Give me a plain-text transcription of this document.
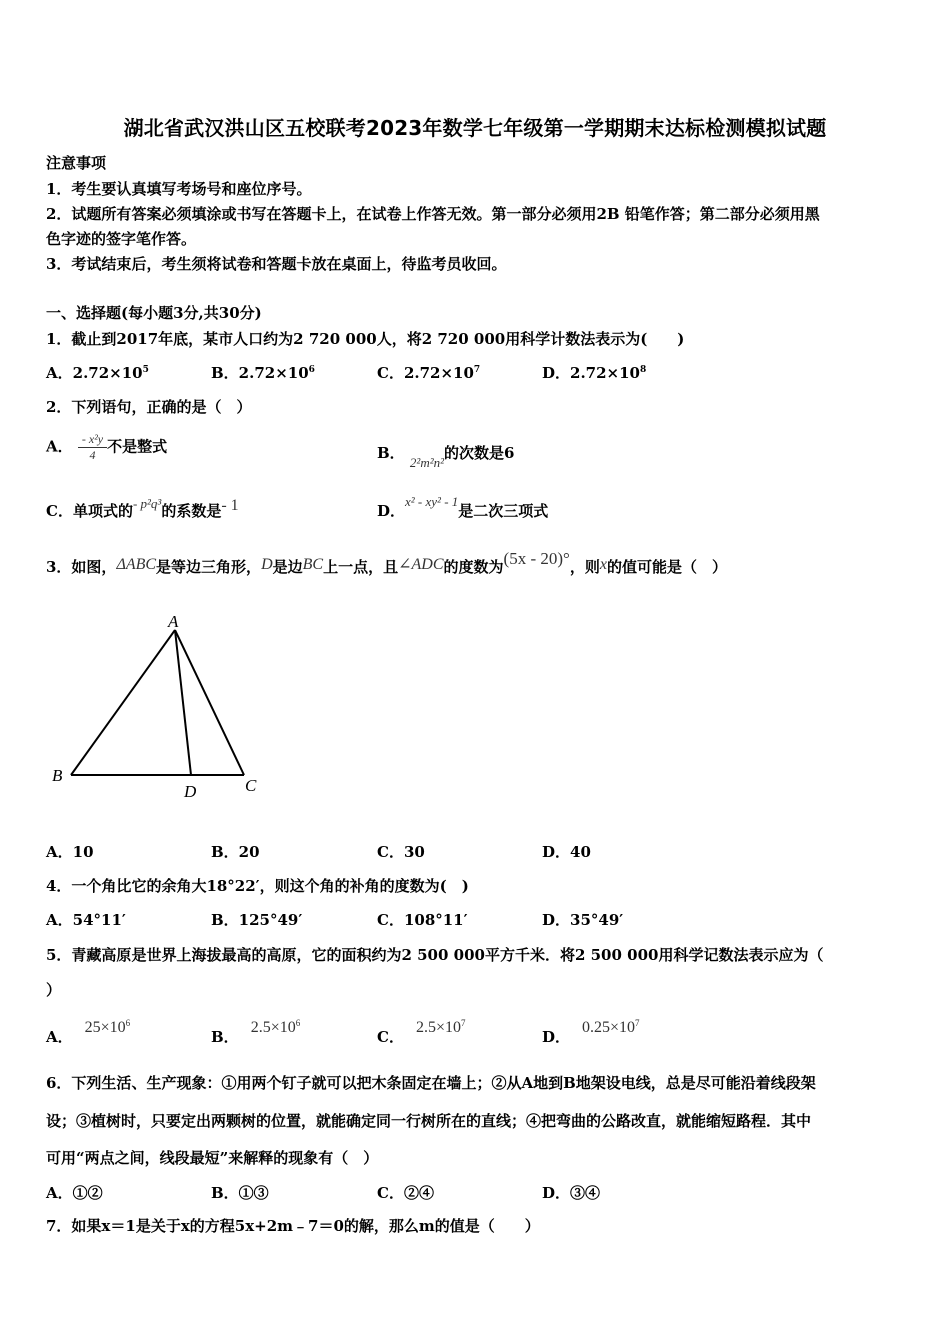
湖北省武汉洪山区五校联考2023年数学七年级第一学期期末达标检测模拟试题
注意事项
1．考生要认真填写考场号和座位序号。
2．试题所有答案必须填涂或书写在答题卡上，在试卷上作答无效。第一部分必须用2B 铅笔作答；第二部分必须用黑
色字迹的签字笔作答。
3．考试结束后，考生须将试卷和答题卡放在桌面上，待监考员收回。
一、选择题(每小题3分,共30分)
1．截止到2017年底，某市人口约为2 720 000人，将2 720 000用科学计数法表示为(　　)
A．$2.72\times 10^5$	B．$2.72\times 10^6$	C．$2.72\times 10^7$	D．$2.72\times 10^8$
2．下列语句，正确的是（　）
A． $\frac{\text{- x²y}}{4}$ 不是整式	B． 2²m²n²的次数是6
C．单项式的- p²q³的系数是- 1	D．x² - xy² - 1是二次三项式
3．如图，ΔABC是等边三角形，D是边BC上一点，且∠ADC的度数为(5x - 20)°，则x的值可能是（　）
A
B
C
D
A．10	B．20	C．30	D．40
4．一个角比它的余角大18°22′，则这个角的补角的度数为(　)
A．54°11′	B．125°49′	C．108°11′	D．35°49′
5．青藏高原是世界上海拔最高的高原，它的面积约为2 500 000平方千米．将2 500 000用科学记数法表示应为（
）
A．$25\times 10^6$
B．$2.5\times 10^6$
C．$2.5\times 10^7$
D．$0.25\times 10^7$
6．下列生活、生产现象：①用两个钉子就可以把木条固定在墙上；②从A地到B地架设电线，总是尽可能沿着线段架
设；③植树时，只要定出两颗树的位置，就能确定同一行树所在的直线；④把弯曲的公路改直，就能缩短路程．其中
可用“两点之间，线段最短”来解释的现象有（　）
A．①②	B．①③	C．②④	D．③④
7．如果x＝1是关于x的方程5x+2m﹣7＝0的解，那么m的值是（　　）
